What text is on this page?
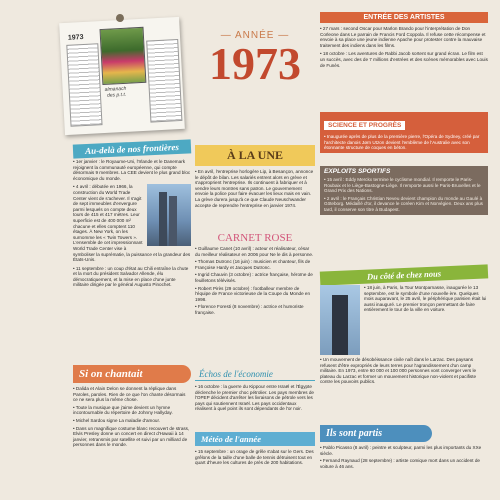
1973
almanach
des p.t.t.
— ANNÉE —
1973
ENTRÉE DES ARTISTES
• 27 mars : second Oscar pour Marlon Brando pour l'interprétation de Don Corleone dans Le parrain de Francis Ford Coppola. Il refuse cette récompense et envoie à sa place une jeune indienne Apache pour protester contre la mauvaise traitement des indiens dans les films.
• 18 octobre : Les aventures de Rabbi Jacob sortent sur grand écran. Le film est un succès, avec des de 7 millions d'entrées et des scènes mémorables avec Louis de Funès.
SCIENCE ET PROGRÈS
• Inaugurée après de plus de la première pierre, l'Opéra de Sydney, créé par l'architecte danois Jørn Utzon devient l'emblème de l'Australie avec son étonnante structure de coques en béton.
EXPLOITS SPORTIFS
• 15 avril : Eddy Merckx termine le cyclisme mondial. Il remporte le Paris-Roubaix et le Liège-Bastogne-Liège. Il remporte aussi le Paris-Bruxelles et le Grand Prix des Nations.
• 2 avril : le Français Christian Neveu devient champion du monde au Gaulé à Göteborg. Médaillé d'or, il devance le coréen Kim et Norvégien. Deux ans plus tard, il conserve son titre à Budapest.
Au-delà de nos frontières
• 1er janvier : le Royaume-Uni, l'Irlande et le Danemark rejoignent la communauté européenne, qui compte désormais 9 membres. La CEE devient le plus grand bloc économique du monde.
• 4 avril : débutée en 1966, la construction du World Trade Center vient de s'achever. Il s'agit de sept immeubles d'envergure parmi lesquels on compte deux tours de 415 et 417 mètres. Leur superficie est de 400 000 m² chacune et elles comptent 110 étages. À New York, on les surnomme les « Twin Towers ». L'ensemble de cet impressionnant World Trade Center vise à symboliser la suprématie, la puissance et la grandeur des États-Unis.
• 11 septembre : un coup d'état au Chili entraîne la chute et la mort du président Salvador Allende, élu démocratiquement, et la mise en place d'une junte militaire dirigée par le général Augusto Pinochet.
À LA UNE
• En avril, l'entreprise horlogère Lip, à Besançon, annonce le dépôt de bilan. Les salariés entrent alors en grève et s'approprient l'entreprise. Ils continuent à fabriquer et à vendre leurs montres sans patron. Le gouvernement envoie la police pour faire évacuer les lieux mais en vain. La grève durera jusqu'à ce que Claude Neuschwander accepte de reprendre l'entreprise en janvier 1974.
CARNET ROSE
• Guillaume Canet (10 avril) : acteur et réalisateur, césar du meilleur réalisateur en 2006 pour Ne le dis à personne.
• Thomas Dutronc (16 juin) : musicien et chanteur, fils de Françoise Hardy et Jacques Dutronc.
• Ingrid Chauvin (3 octobre) : actrice française, héroïne de feuilletons télévisés.
• Robert Pirès (29 octobre) : footballeur membre de l'équipe de France victorieuse de la Coupe du Monde en 1998.
• Florence Foresti (8 novembre) : actrice et humoriste française.
Du côté de chez nous
• 18 juin, à Paris, la Tour Montparnasse, inaugurée le 13 septembre, est le symbole d'une nouvelle ère. Quelques mois auparavant, le 25 avril, le périphérique parisien était lui aussi inauguré. Le premier tronçon permettant de faire entièrement le tour de la ville en voiture.
• Un mouvement de désobéissance civile naît dans le Larzac. Des paysans refusent d'être expropriés de leurs terres pour l'agrandissement d'un camp militaire. En 1973, entre 60 000 et 100 000 personnes vont converger vers le plateau du Larzac et former un mouvement historique non-violent et pacifiste contre les pouvoirs publics.
Si on chantait
• Dalida et Alain Delon se donnent la réplique dans Paroles, paroles. Rien de ce que l'on chante désormais ce ne sera plus la même chose.
• Toute la musique que j'aime devient un hymne incontournable du répertoire de Johnny Hallyday.
• Michel Sardou signe La maladie d'amour.
• Dans un magnifique costume blanc recouvert de strass, Elvis Presley donne un concert en direct d'Hawaii à 14 janvier, retransmis par satellite et suivi par un milliard de personnes dans le monde.
Échos de l'économie
• 16 octobre : la guerre du Kippour entre Israël et l'Égypte déclenche le premier choc pétrolier. Les pays membres de l'OPEP décident d'arrêter les livraisons de pétrole vers les pays qui soutiennent Israël. Les pays occidentaux réalisent à quel point ils sont dépendants de l'or noir.
Météo de l'année
• 15 septembre : un orage de grêle s'abat sur le Gers. Des grêlons de la taille d'une balle de tennis détruisent tout en quart d'heure les cultures de près de 200 habitations.
Ils sont partis
• Pablo Picasso (8 avril) : peintre et sculpteur, parmi les plus importants du XXe siècle.
• Fernand Raynaud (28 septembre) : artiste comique mort dans un accident de voiture à 46 ans.
